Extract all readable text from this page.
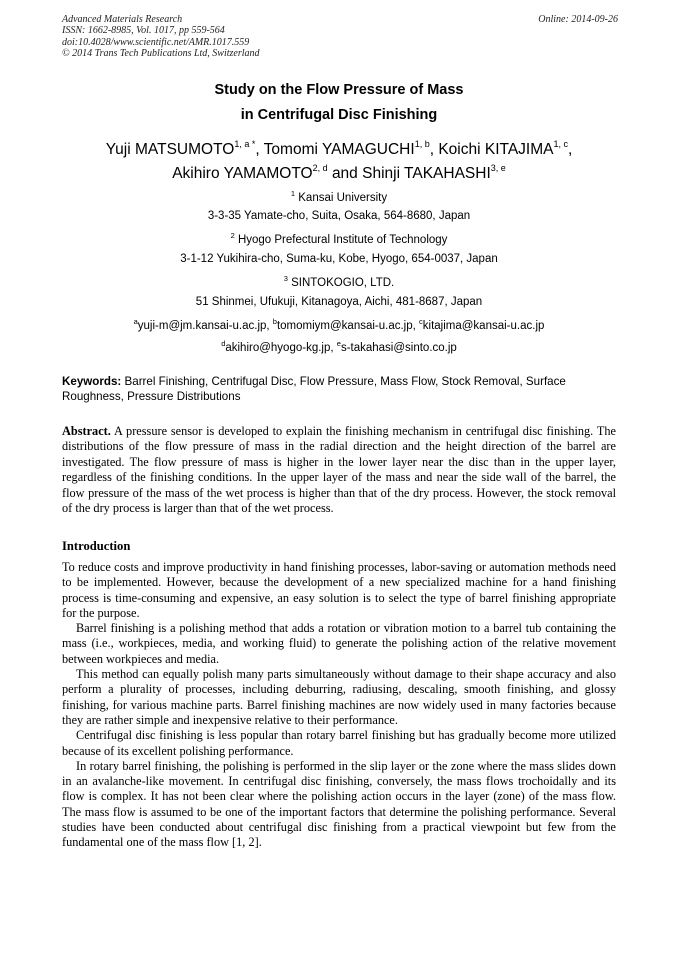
Advanced Materials Research
ISSN: 1662-8985, Vol. 1017, pp 559-564
doi:10.4028/www.scientific.net/AMR.1017.559
© 2014 Trans Tech Publications Ltd, Switzerland
Online: 2014-09-26
Study on the Flow Pressure of Mass
in Centrifugal Disc Finishing
Yuji $MATSUMOTO^{1, a *}$, Tomomi YAMAGUCHI$^{1, b}$, Koichi KITAJIMA$^{1, c}$,
Akihiro YAMAMOTO$^{2, d}$ and Shinji TAKAHASHI$^{3, e}$
$^1$ Kansai University
3-3-35 Yamate-cho, Suita, Osaka, 564-8680, Japan
$^2$ Hyogo Prefectural Institute of Technology
3-1-12 Yukihira-cho, Suma-ku, Kobe, Hyogo, 654-0037, Japan
$^3$ SINTOKOGIO, LTD.
51 Shinmei, Ufukuji, Kitanagoya, Aichi, 481-8687, Japan
$^a$yuji-m@jm.kansai-u.ac.jp, $^b$tomomiym@kansai-u.ac.jp, $^c$kitajima@kansai-u.ac.jp
$^d$akihiro@hyogo-kg.jp, $^e$s-takahasi@sinto.co.jp
Keywords: Barrel Finishing, Centrifugal Disc, Flow Pressure, Mass Flow, Stock Removal, Surface Roughness, Pressure Distributions
Abstract. A pressure sensor is developed to explain the finishing mechanism in centrifugal disc finishing. The distributions of the flow pressure of mass in the radial direction and the height direction of the barrel are investigated. The flow pressure of mass is higher in the lower layer near the disc than in the upper layer, regardless of the finishing conditions. In the upper layer of the mass and near the side wall of the barrel, the flow pressure of the mass of the wet process is higher than that of the dry process. However, the stock removal of the dry process is larger than that of the wet process.
Introduction

To reduce costs and improve productivity in hand finishing processes, labor-saving or automation methods need to be implemented. However, because the development of a new specialized machine for a hand finishing process is time-consuming and expensive, an easy solution is to select the type of barrel finishing appropriate for the purpose.

Barrel finishing is a polishing method that adds a rotation or vibration motion to a barrel tub containing the mass (i.e., workpieces, media, and working fluid) to generate the polishing action of the relative movement between workpieces and media.

This method can equally polish many parts simultaneously without damage to their shape accuracy and also perform a plurality of processes, including deburring, radiusing, descaling, smooth finishing, and glossy finishing, for various machine parts. Barrel finishing machines are now widely used in many factories because they are rather simple and inexpensive relative to their performance.

Centrifugal disc finishing is less popular than rotary barrel finishing but has gradually become more utilized because of its excellent polishing performance.

In rotary barrel finishing, the polishing is performed in the slip layer or the zone where the mass slides down in an avalanche-like movement. In centrifugal disc finishing, conversely, the mass flows trochoidally and its flow is complex. It has not been clear where the polishing action occurs in the layer (zone) of the mass flow. The mass flow is assumed to be one of the important factors that determine the polishing performance. Several studies have been conducted about centrifugal disc finishing from a practical viewpoint but few from the fundamental one of the mass flow [1, 2].
